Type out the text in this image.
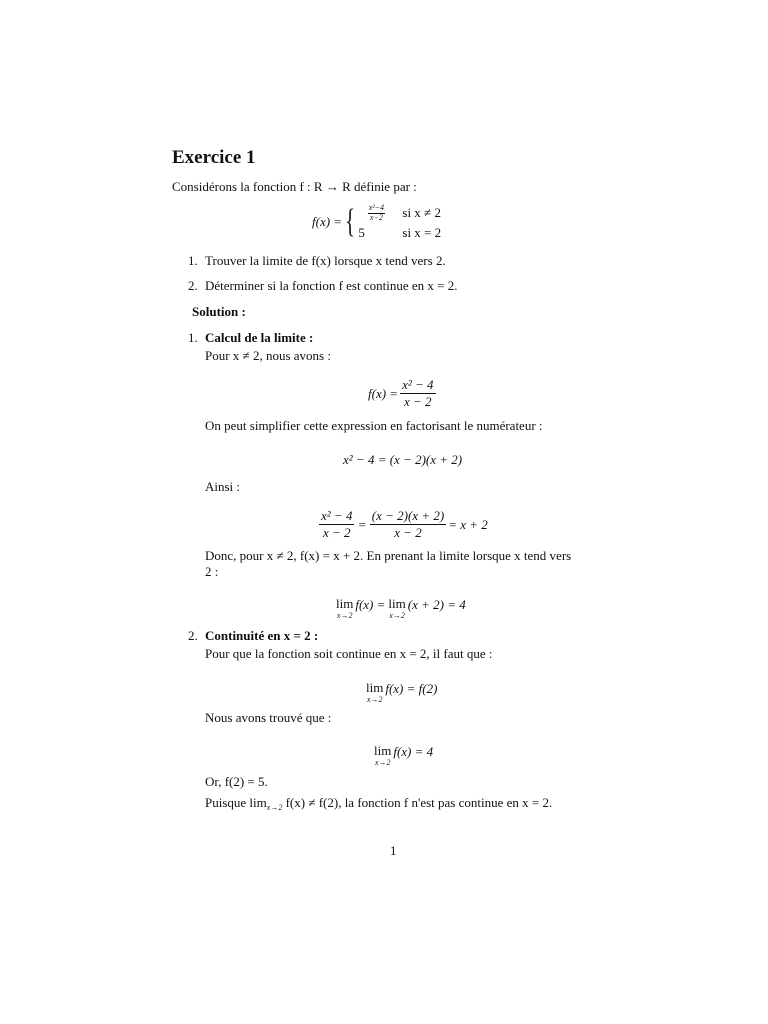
Exercice 1
Considérons la fonction f : R → R définie par :
f(x) = { $\frac{\text{x²−4}}{x-2}$ si x ≠ 2
5	si x = 2
1. Trouver la limite de f(x) lorsque x tend vers 2.
2. Déterminer si la fonction f est continue en x = 2.
Solution :
1. Calcul de la limite :
Pour x ≠ 2, nous avons :
$f(x) = \frac{\text{x² − 4}}{x - 2}$
On peut simplifier cette expression en factorisant le numérateur :
x² − 4 = (x − 2)(x + 2)
Ainsi :
$\frac{\text{x² − 4}}{x - 2} = \frac{(x - 2)(x + 2)}{x - 2} = x + 2$
Donc, pour x ≠ 2, f(x) = x + 2. En prenant la limite lorsque x tend vers
2 :
lim
x→2
f(x) = lim
x→2
(x + 2) = 4
2. Continuité en x = 2 :
Pour que la fonction soit continue en x = 2, il faut que :
lim
x→2
f(x) = f(2)
Nous avons trouvé que :
lim
x→2
f(x) = 4
Or, f(2) = 5.
Puisque $\lim_{x\to 2} f(x) \ne f(2)$, la fonction f n'est pas continue en x = 2.
1
